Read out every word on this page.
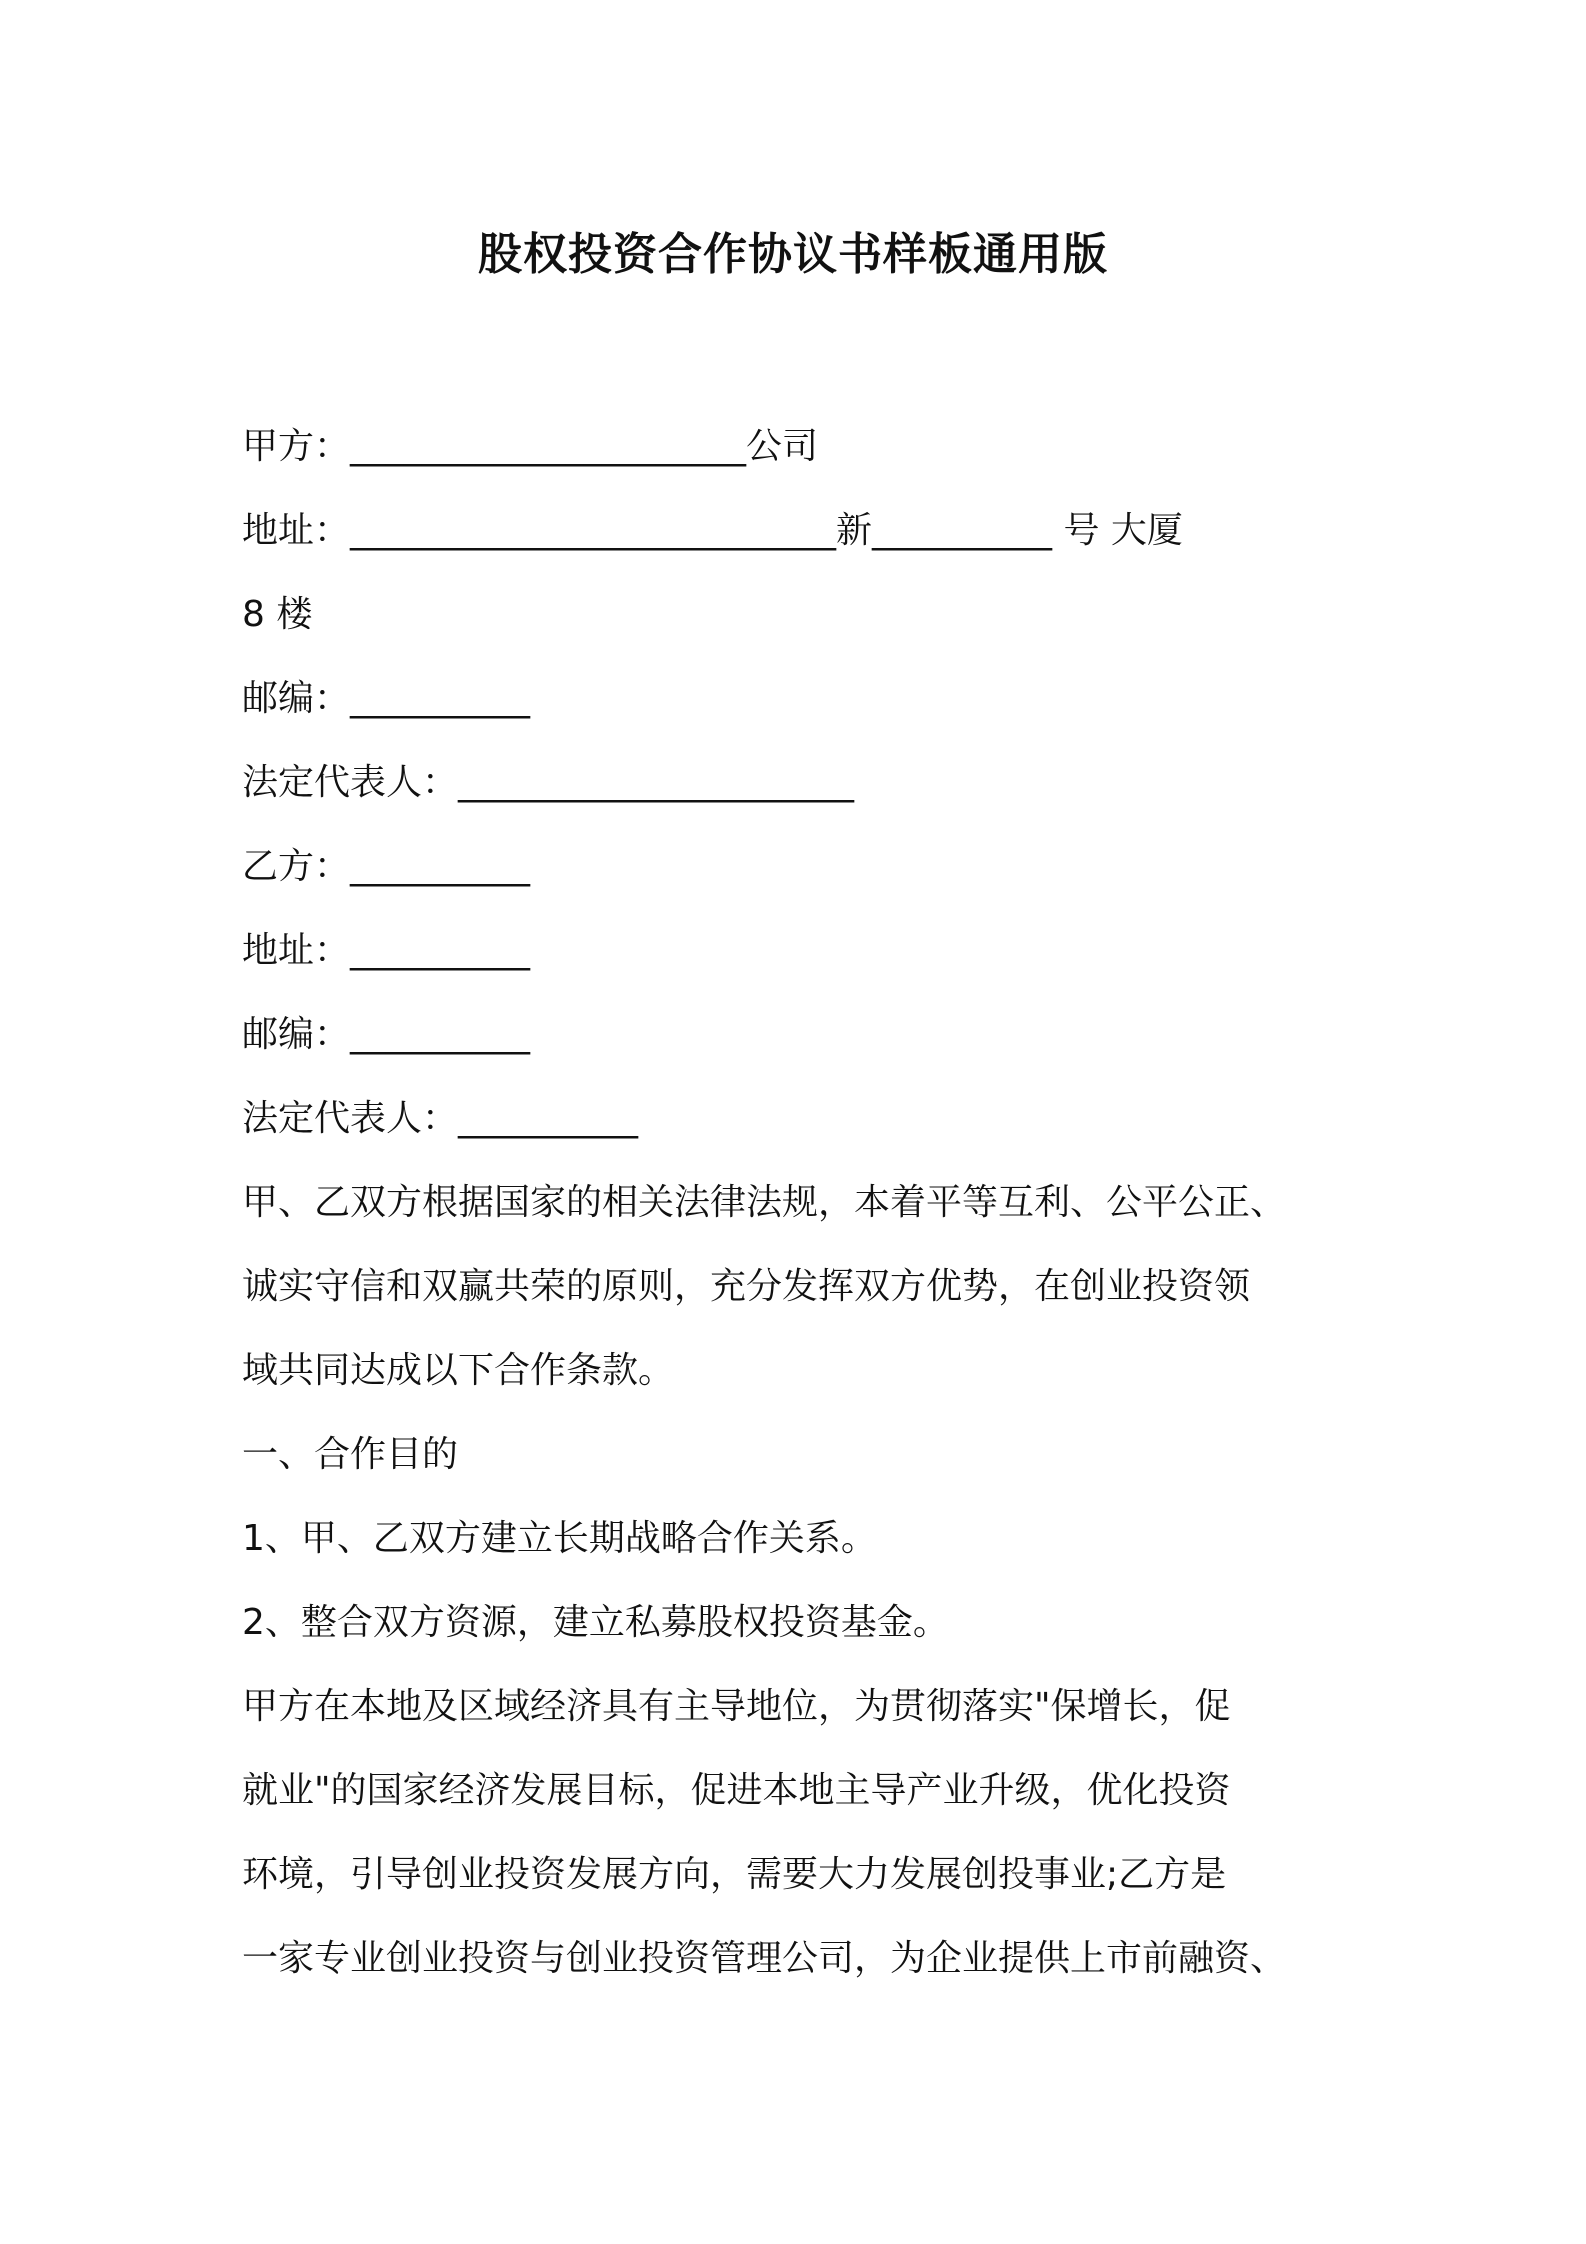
股权投资合作协议书样板通用版

甲方：______________________公司

地址：___________________________新__________ 号 大厦

8 楼

邮编：__________

法定代表人：______________________

乙方：__________

地址：__________

邮编：__________

法定代表人：__________

甲、乙双方根据国家的相关法律法规，本着平等互利、公平公正、

诚实守信和双赢共荣的原则，充分发挥双方优势，在创业投资领

域共同达成以下合作条款。

一、合作目的

1、甲、乙双方建立长期战略合作关系。

2、整合双方资源，建立私募股权投资基金。

甲方在本地及区域经济具有主导地位，为贯彻落实"保增长，促

就业"的国家经济发展目标，促进本地主导产业升级，优化投资

环境，引导创业投资发展方向，需要大力发展创投事业;乙方是

一家专业创业投资与创业投资管理公司，为企业提供上市前融资、
